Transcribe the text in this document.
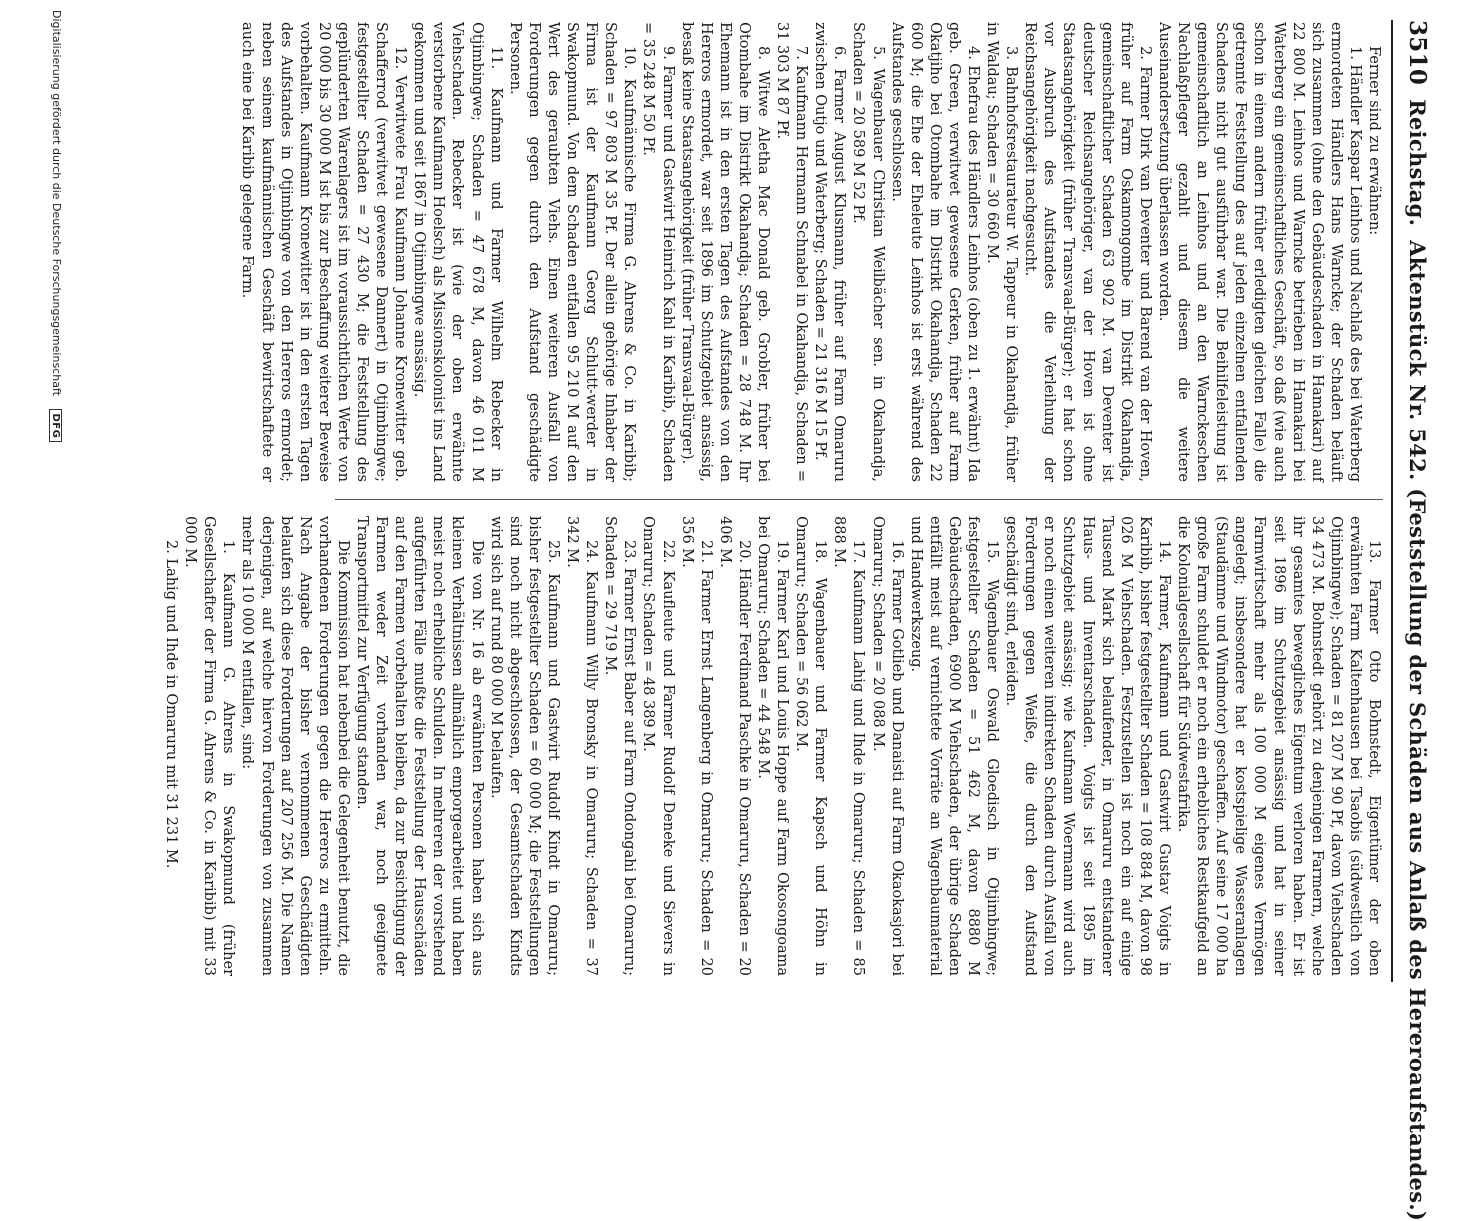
3510
Reichstag.
Aktenstück Nr. 542. (Feststellung der Schäden aus Anlaß des Hereroaufstandes.)

Ferner sind zu erwähnen:

1. Händler Kaspar Leinhos und Nachlaß des bei Waterberg ermordeten Händlers Hans Warncke; der Schaden beläuft sich zusammen (ohne den Gebäudeschaden in Hamakari) auf 22 800 M. Leinhos und Warncke betrieben in Hamakari bei Waterberg ein gemeinschaftliches Geschäft, so daß (wie auch schon in einem andern früher erledigten gleichen Falle) die getrennte Feststellung des auf jeden einzelnen entfallenden Schadens nicht gut ausführbar war. Die Beihilfeleistung ist gemeinschaftlich an Leinhos und an den Warnckeschen Nachlaßpfleger gezahlt und diesem die weitere Auseinandersetzung überlassen worden.

2. Farmer Dirk van Deventer und Barend van der Hoven, früher auf Farm Oskamongombe im Distrikt Okahandja, gemeinschaftlicher Schaden 63 902 M. van Deventer ist deutscher Reichsangehöriger, van der Hoven ist ohne Staatsangehörigkeit (früher Transvaal-Bürger); er hat schon vor Ausbruch des Aufstandes die Verleihung der Reichsangehörigkeit nachgesucht.

3. Bahnhofsrestaurateur W. Tappeur in Okahandja, früher in Waldau; Schaden = 30 660 M.

4. Ehefrau des Händlers Leinhos (oben zu 1. erwähnt) Ida geb. Green, verwitwet gewesene Gerken, früher auf Farm Okatjiho bei Otombahe im Distrikt Okahandja, Schaden 22 600 M; die Ehe der Eheleute Leinhos ist erst während des Aufstandes geschlossen.

5. Wagenbauer Christian Weilbächer sen. in Okahandja, Schaden = 20 589 M 52 Pf.

6. Farmer August Klusmann, früher auf Farm Omaruru zwischen Outjo und Waterberg; Schaden = 21 316 M 15 Pf.

7. Kaufmann Hermann Schnabel in Okahandja, Schaden = 31 303 M 87 Pf.

8. Witwe Aletha Mac Donald geb. Grobler, früher bei Otombahe im Distrikt Okahandja; Schaden = 28 748 M. Ihr Ehemann ist in den ersten Tagen des Aufstandes von den Hereros ermordet, war seit 1896 im Schutzgebiet ansässig, besaß keine Staatsangehörigkeit (früher Transvaal-Bürger).

9. Farmer und Gastwirt Heinrich Kahl in Karibib, Schaden = 35 248 M 50 Pf.

10. Kaufmännische Firma G. Ahrens & Co. in Karibib; Schaden = 97 803 M 35 Pf. Der allein gehörige Inhaber der Firma ist der Kaufmann Georg Schlutt-werder in Swakopmund. Von dem Schaden entfallen 95 210 M auf den Wert des geraubten Viehs. Einen weiteren Ausfall von Forderungen gegen durch den Aufstand geschädigte Personen.

11. Kaufmann und Farmer Wilhelm Rebecker in Otjimbingwe; Schaden = 47 678 M, davon 46 011 M Viehschaden. Rebecker ist (wie der oben erwähnte verstorbene Kaufmann Hoelsch) als Missionskolonist ins Land gekommen und seit 1867 in Otjimbingwe ansässig.

12. Verwitwete Frau Kaufmann Johanne Kronewitter geb. Schafferrod (verwitwet gewesene Dannert) in Otjimbingwe; festgestellter Schaden = 27 430 M; die Feststellung des geplünderten Warenlagers ist im voraussichtlichen Werte von 20 000 bis 30 000 M ist bis zur Beschaffung weiterer Beweise vorbehalten. Kaufmann Kronewitter ist in den ersten Tagen des Aufstandes in Otjimbingwe von den Hereros ermordet; neben seinem kaufmännischen Geschäft bewirtschaftete er auch eine bei Karibib gelegene Farm.

13. Farmer Otto Bohnstedt, Eigentümer der oben erwähnten Farm Kaltenhausen bei Tsaobis (südwestlich von Otjimbingwe); Schaden = 81 207 M 90 Pf, davon Viehschaden 34 473 M. Bohnstedt gehört zu denjenigen Farmern, welche ihr gesamtes bewegliches Eigentum verloren haben. Er ist seit 1896 im Schutzgebiet ansässig und hat in seiner Farmwirtschaft mehr als 100 000 M eigenes Vermögen angelegt; insbesondere hat er kostspielige Wasseranlagen (Staudämme und Windmotor) geschaffen. Auf seine 17 000 ha große Farm schuldet er noch ein erhebliches Restkaufgeld an die Kolonialgesellschaft für Südwestafrika.

14. Farmer, Kaufmann und Gastwirt Gustav Voigts in Karibib, bisher festgestellter Schaden = 108 884 M, davon 98 026 M Viehschaden. Festzustellen ist noch ein auf einige Tausend Mark sich belaufender, in Omaruru entstandener Haus- und Inventarschaden. Voigts ist seit 1895 im Schutzgebiet ansässig; wie Kaufmann Woermann wird auch er noch einen weiteren indirekten Schaden durch Ausfall von Forderungen gegen Weiße, die durch den Aufstand geschädigt sind, erleiden.

15. Wagenbauer Oswald Gloedisch in Otjimbingwe; festgestellter Schaden = 51 462 M, davon 8880 M Gebäudeschaden, 6900 M Viehschaden, der übrige Schaden entfällt meist auf vernichtete Vorräte an Wagenbaumaterial und Handwerkszeug.

16. Farmer Gotlieb und Danaisti auf Farm Okaokasjori bei Omaruru; Schaden = 20 088 M.

17. Kaufmann Lahig und Ihde in Omaruru; Schaden = 85 888 M.

18. Wagenbauer und Farmer Kapsch und Höhn in Omaruru; Schaden = 56 062 M.

19. Farmer Karl und Louis Hoppe auf Farm Okosongoama bei Omaruru; Schaden = 44 548 M.

20. Händler Ferdinand Paschke in Omaruru, Schaden = 20 406 M.

21. Farmer Ernst Langenberg in Omaruru; Schaden = 20 356 M.

22. Kaufleute und Farmer Rudolf Deneke und Sievers in Omaruru; Schaden = 48 389 M.

23. Farmer Ernst Baber auf Farm Ondongahi bei Omaruru; Schaden = 29 719 M.

24. Kaufmann Willy Bronsky in Omaruru; Schaden = 37 342 M.

25. Kaufmann und Gastwirt Rudolf Kindt in Omaruru; bisher festgestellter Schaden = 60 000 M; die Feststellungen sind noch nicht abgeschlossen, der Gesamtschaden Kindts wird sich auf rund 80 000 M belaufen.

Die von Nr. 16 ab erwähnten Personen haben sich aus kleinen Verhältnissen allmählich emporgearbeitet und haben meist noch erhebliche Schulden. In mehreren der vorstehend aufgeführten Fälle mußte die Feststellung der Hausschäden auf den Farmen vorbehalten bleiben, da zur Besichtigung der Farmen weder Zeit vorhanden war, noch geeignete Transportmittel zur Verfügung standen.

Die Kommission hat nebenbei die Gelegenheit benutzt, die vorhandenen Forderungen gegen die Hereros zu ermitteln. Nach Angabe der bisher vernommenen Geschädigten belaufen sich diese Forderungen auf 207 256 M. Die Namen derjenigen, auf welche hiervon Forderungen von zusammen mehr als 10 000 M entfallen, sind:

1. Kaufmann G. Ahrens in Swakopmund (früher Gesellschafter der Firma G. Ahrens & Co. in Karibib) mit 33 000 M.

2. Lahig und Ihde in Omaruru mit 31 231 M.

Digitalisierung gefördert durch die Deutsche Forschungsgemeinschaft DFG
